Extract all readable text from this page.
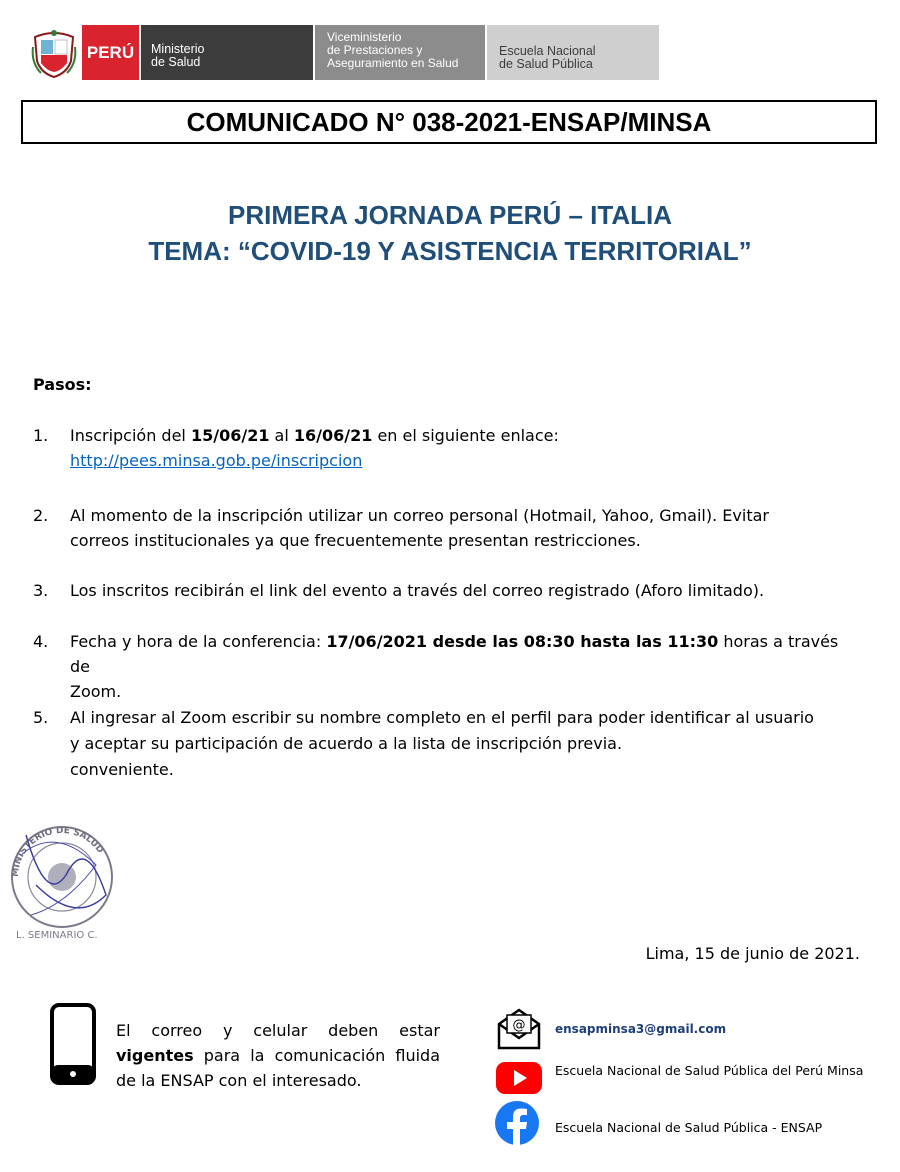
PERÚ	Ministerio
de Salud
Viceministerio
de Prestaciones y
Aseguramiento en Salud
Escuela Nacional
de Salud Pública
COMUNICADO N° 038-2021-ENSAP/MINSA
PRIMERA JORNADA PERÚ – ITALIA
TEMA: “COVID-19 Y ASISTENCIA TERRITORIAL”
Pasos:
1.	Inscripción del 15/06/21 al 16/06/21 en el siguiente enlace:
http://pees.minsa.gob.pe/inscripcion
2.	Al momento de la inscripción utilizar un correo personal (Hotmail, Yahoo, Gmail). Evitar
correos institucionales ya que frecuentemente presentan restricciones.
3.	Los inscritos recibirán el link del evento a través del correo registrado (Aforo limitado).
4.	Fecha y hora de la conferencia: 17/06/2021 desde las 08:30 hasta las 11:30 horas a través de
Zoom.
5.	Al ingresar al Zoom escribir su nombre completo en el perfil para poder identificar al usuario
y aceptar su participación de acuerdo a la lista de inscripción previa.
conveniente.
MINISTERIO DE SALUD
L. SEMINARIO C.
Lima, 15 de junio de 2021.
El correo y celular deben estar vigentes para la comunicación fluida de la ENSAP con el interesado.
@ ensapminsa3@gmail.com
Escuela Nacional de Salud Pública del Perú Minsa
Escuela Nacional de Salud Pública - ENSAP
